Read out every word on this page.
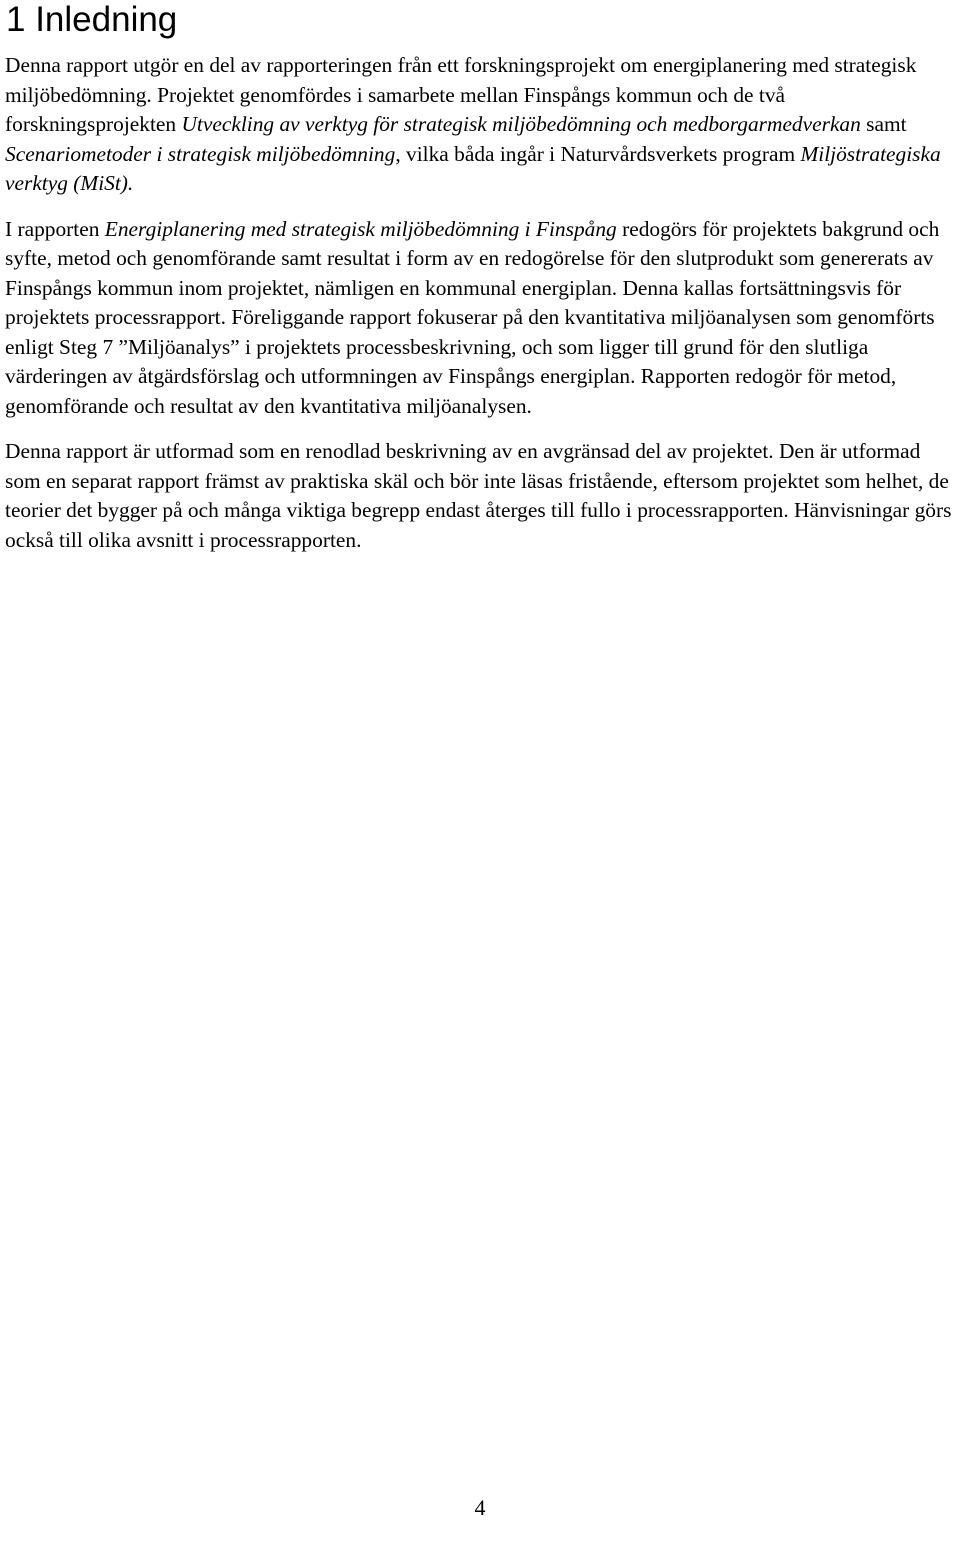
1 Inledning

Denna rapport utgör en del av rapporteringen från ett forskningsprojekt om energiplanering med strategisk miljöbedömning. Projektet genomfördes i samarbete mellan Finspångs kommun och de två forskningsprojekten Utveckling av verktyg för strategisk miljöbedömning och medborgarmedverkan samt Scenariometoder i strategisk miljöbedömning, vilka båda ingår i Naturvårdsverkets program Miljöstrategiska verktyg (MiSt).

I rapporten Energiplanering med strategisk miljöbedömning i Finspång redogörs för projektets bakgrund och syfte, metod och genomförande samt resultat i form av en redogörelse för den slutprodukt som genererats av Finspångs kommun inom projektet, nämligen en kommunal energiplan. Denna kallas fortsättningsvis för projektets processrapport. Föreliggande rapport fokuserar på den kvantitativa miljöanalysen som genomförts enligt Steg 7 ”Miljöanalys” i projektets processbeskrivning, och som ligger till grund för den slutliga värderingen av åtgärdsförslag och utformningen av Finspångs energiplan. Rapporten redogör för metod, genomförande och resultat av den kvantitativa miljöanalysen.

Denna rapport är utformad som en renodlad beskrivning av en avgränsad del av projektet. Den är utformad som en separat rapport främst av praktiska skäl och bör inte läsas fristående, eftersom projektet som helhet, de teorier det bygger på och många viktiga begrepp endast återges till fullo i processrapporten. Hänvisningar görs också till olika avsnitt i processrapporten.

4
